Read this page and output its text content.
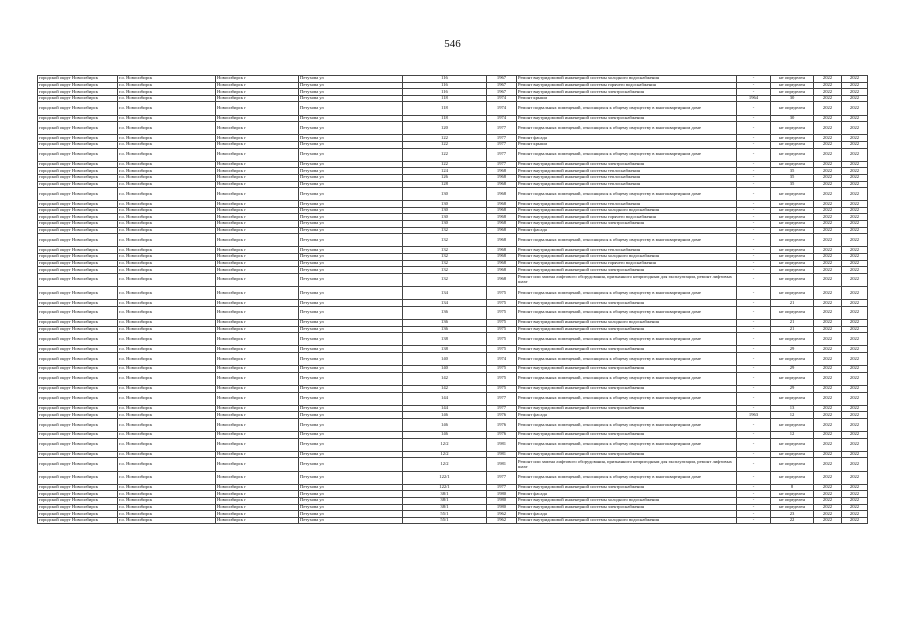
546
городской округ Новосибирск	г.о. Новосибирск	Новосибирск г	Петухова ул	116	1967	Ремонт внутридомовой инженерной системы холодного водоснабжения	-	не определен	2022	2022
городской округ Новосибирск	г.о. Новосибирск	Новосибирск г	Петухова ул	116	1967	Ремонт внутридомовой инженерной системы горячего водоснабжения	-	не определен	2022	2022
городской округ Новосибирск	г.о. Новосибирск	Новосибирск г	Петухова ул	116	1967	Ремонт внутридомовой инженерной системы электроснабжения	-	не определен	2022	2022
городской округ Новосибирск	г.о. Новосибирск	Новосибирск г	Петухова ул	118	1974	Ремонт крыши	1964	30	2022	2022
городской округ Новосибирск	г.о. Новосибирск	Новосибирск г	Петухова ул	118	1974	Ремонт подвальных помещений, относящихся к общему имуществу в многоквартирном доме	-	не определен	2022	2022
городской округ Новосибирск	г.о. Новосибирск	Новосибирск г	Петухова ул	118	1974	Ремонт внутридомовой инженерной системы электроснабжения	-	30	2022	2022
городской округ Новосибирск	г.о. Новосибирск	Новосибирск г	Петухова ул	120	1977	Ремонт подвальных помещений, относящихся к общему имуществу в многоквартирном доме	-	не определен	2022	2022
городской округ Новосибирск	г.о. Новосибирск	Новосибирск г	Петухова ул	122	1977	Ремонт фасада	-	не определен	2022	2022
городской округ Новосибирск	г.о. Новосибирск	Новосибирск г	Петухова ул	122	1977	Ремонт крыши	-	не определен	2022	2022
городской округ Новосибирск	г.о. Новосибирск	Новосибирск г	Петухова ул	122	1977	Ремонт подвальных помещений, относящихся к общему имуществу в многоквартирном доме	-	не определен	2022	2022
городской округ Новосибирск	г.о. Новосибирск	Новосибирск г	Петухова ул	122	1977	Ремонт внутридомовой инженерной системы электроснабжения	-	не определен	2022	2022
городской округ Новосибирск	г.о. Новосибирск	Новосибирск г	Петухова ул	124	1968	Ремонт внутридомовой инженерной системы теплоснабжения	-	35	2022	2022
городской округ Новосибирск	г.о. Новосибирск	Новосибирск г	Петухова ул	126	1968	Ремонт внутридомовой инженерной системы теплоснабжения	-	35	2022	2022
городской округ Новосибирск	г.о. Новосибирск	Новосибирск г	Петухова ул	128	1968	Ремонт внутридомовой инженерной системы теплоснабжения	-	35	2022	2022
городской округ Новосибирск	г.о. Новосибирск	Новосибирск г	Петухова ул	130	1968	Ремонт подвальных помещений, относящихся к общему имуществу в многоквартирном доме	-	не определен	2022	2022
городской округ Новосибирск	г.о. Новосибирск	Новосибирск г	Петухова ул	130	1968	Ремонт внутридомовой инженерной системы теплоснабжения	-	не определен	2022	2022
городской округ Новосибирск	г.о. Новосибирск	Новосибирск г	Петухова ул	130	1968	Ремонт внутридомовой инженерной системы холодного водоснабжения	-	не определен	2022	2022
городской округ Новосибирск	г.о. Новосибирск	Новосибирск г	Петухова ул	130	1968	Ремонт внутридомовой инженерной системы горячего водоснабжения	-	не определен	2022	2022
городской округ Новосибирск	г.о. Новосибирск	Новосибирск г	Петухова ул	130	1968	Ремонт внутридомовой инженерной системы электроснабжения	-	не определен	2022	2022
городской округ Новосибирск	г.о. Новосибирск	Новосибирск г	Петухова ул	132	1968	Ремонт фасада	-	не определен	2022	2022
городской округ Новосибирск	г.о. Новосибирск	Новосибирск г	Петухова ул	132	1968	Ремонт подвальных помещений, относящихся к общему имуществу в многоквартирном доме	-	не определен	2022	2022
городской округ Новосибирск	г.о. Новосибирск	Новосибирск г	Петухова ул	132	1968	Ремонт внутридомовой инженерной системы теплоснабжения	-	не определен	2022	2022
городской округ Новосибирск	г.о. Новосибирск	Новосибирск г	Петухова ул	132	1968	Ремонт внутридомовой инженерной системы холодного водоснабжения	-	не определен	2022	2022
городской округ Новосибирск	г.о. Новосибирск	Новосибирск г	Петухова ул	132	1968	Ремонт внутридомовой инженерной системы горячего водоснабжения	-	не определен	2022	2022
городской округ Новосибирск	г.о. Новосибирск	Новосибирск г	Петухова ул	132	1968	Ремонт внутридомовой инженерной системы электроснабжения	-	не определен	2022	2022
городской округ Новосибирск	г.о. Новосибирск	Новосибирск г	Петухова ул	132	1968	Ремонт или замена лифтового оборудования, признанного непригодным для эксплуатации, ремонт лифтовых шахт	-	не определен	2022	2022
городской округ Новосибирск	г.о. Новосибирск	Новосибирск г	Петухова ул	134	1975	Ремонт подвальных помещений, относящихся к общему имуществу в многоквартирном доме	-	не определен	2022	2022
городской округ Новосибирск	г.о. Новосибирск	Новосибирск г	Петухова ул	134	1975	Ремонт внутридомовой инженерной системы электроснабжения	-	21	2022	2022
городской округ Новосибирск	г.о. Новосибирск	Новосибирск г	Петухова ул	136	1975	Ремонт подвальных помещений, относящихся к общему имуществу в многоквартирном доме	-	не определен	2022	2022
городской округ Новосибирск	г.о. Новосибирск	Новосибирск г	Петухова ул	136	1975	Ремонт внутридомовой инженерной системы холодного водоснабжения	-	21	2022	2022
городской округ Новосибирск	г.о. Новосибирск	Новосибирск г	Петухова ул	136	1975	Ремонт внутридомовой инженерной системы электроснабжения	-	21	2022	2022
городской округ Новосибирск	г.о. Новосибирск	Новосибирск г	Петухова ул	138	1975	Ремонт подвальных помещений, относящихся к общему имуществу в многоквартирном доме	-	не определен	2022	2022
городской округ Новосибирск	г.о. Новосибирск	Новосибирск г	Петухова ул	138	1975	Ремонт внутридомовой инженерной системы электроснабжения	-	29	2022	2022
городской округ Новосибирск	г.о. Новосибирск	Новосибирск г	Петухова ул	140	1974	Ремонт подвальных помещений, относящихся к общему имуществу в многоквартирном доме	-	не определен	2022	2022
городской округ Новосибирск	г.о. Новосибирск	Новосибирск г	Петухова ул	140	1975	Ремонт внутридомовой инженерной системы электроснабжения	-	29	2022	2022
городской округ Новосибирск	г.о. Новосибирск	Новосибирск г	Петухова ул	142	1975	Ремонт подвальных помещений, относящихся к общему имуществу в многоквартирном доме	-	не определен	2022	2022
городской округ Новосибирск	г.о. Новосибирск	Новосибирск г	Петухова ул	142	1975	Ремонт внутридомовой инженерной системы электроснабжения	-	29	2022	2022
городской округ Новосибирск	г.о. Новосибирск	Новосибирск г	Петухова ул	144	1977	Ремонт подвальных помещений, относящихся к общему имуществу в многоквартирном доме	-	не определен	2022	2022
городской округ Новосибирск	г.о. Новосибирск	Новосибирск г	Петухова ул	144	1977	Ремонт внутридомовой инженерной системы электроснабжения	-	13	2022	2022
городской округ Новосибирск	г.о. Новосибирск	Новосибирск г	Петухова ул	146	1976	Ремонт фасада	1963	12	2022	2022
городской округ Новосибирск	г.о. Новосибирск	Новосибирск г	Петухова ул	146	1976	Ремонт подвальных помещений, относящихся к общему имуществу в многоквартирном доме	-	не определен	2022	2022
городской округ Новосибирск	г.о. Новосибирск	Новосибирск г	Петухова ул	146	1976	Ремонт внутридомовой инженерной системы электроснабжения	-	12	2022	2022
городской округ Новосибирск	г.о. Новосибирск	Новосибирск г	Петухова ул	12/2	1981	Ремонт подвальных помещений, относящихся к общему имуществу в многоквартирном доме	-	не определен	2022	2022
городской округ Новосибирск	г.о. Новосибирск	Новосибирск г	Петухова ул	12/2	1981	Ремонт внутридомовой инженерной системы электроснабжения	-	не определен	2022	2022
городской округ Новосибирск	г.о. Новосибирск	Новосибирск г	Петухова ул	12/2	1981	Ремонт или замена лифтового оборудования, признанного непригодным для эксплуатации, ремонт лифтовых шахт	-	не определен	2022	2022
городской округ Новосибирск	г.о. Новосибирск	Новосибирск г	Петухова ул	122/1	1977	Ремонт подвальных помещений, относящихся к общему имуществу в многоквартирном доме	-	не определен	2022	2022
городской округ Новосибирск	г.о. Новосибирск	Новосибирск г	Петухова ул	122/1	1977	Ремонт внутридомовой инженерной системы электроснабжения	-	8	2022	2022
городской округ Новосибирск	г.о. Новосибирск	Новосибирск г	Петухова ул	38/1	1980	Ремонт фасада	-	не определен	2022	2022
городской округ Новосибирск	г.о. Новосибирск	Новосибирск г	Петухова ул	38/1	1980	Ремонт внутридомовой инженерной системы холодного водоснабжения	-	не определен	2022	2022
городской округ Новосибирск	г.о. Новосибирск	Новосибирск г	Петухова ул	38/1	1980	Ремонт внутридомовой инженерной системы электроснабжения	-	не определен	2022	2022
городской округ Новосибирск	г.о. Новосибирск	Новосибирск г	Петухова ул	55/1	1962	Ремонт фасада	-	23	2022	2022
городской округ Новосибирск	г.о. Новосибирск	Новосибирск г	Петухова ул	55/1	1962	Ремонт внутридомовой инженерной системы холодного водоснабжения	-	22	2022	2022
